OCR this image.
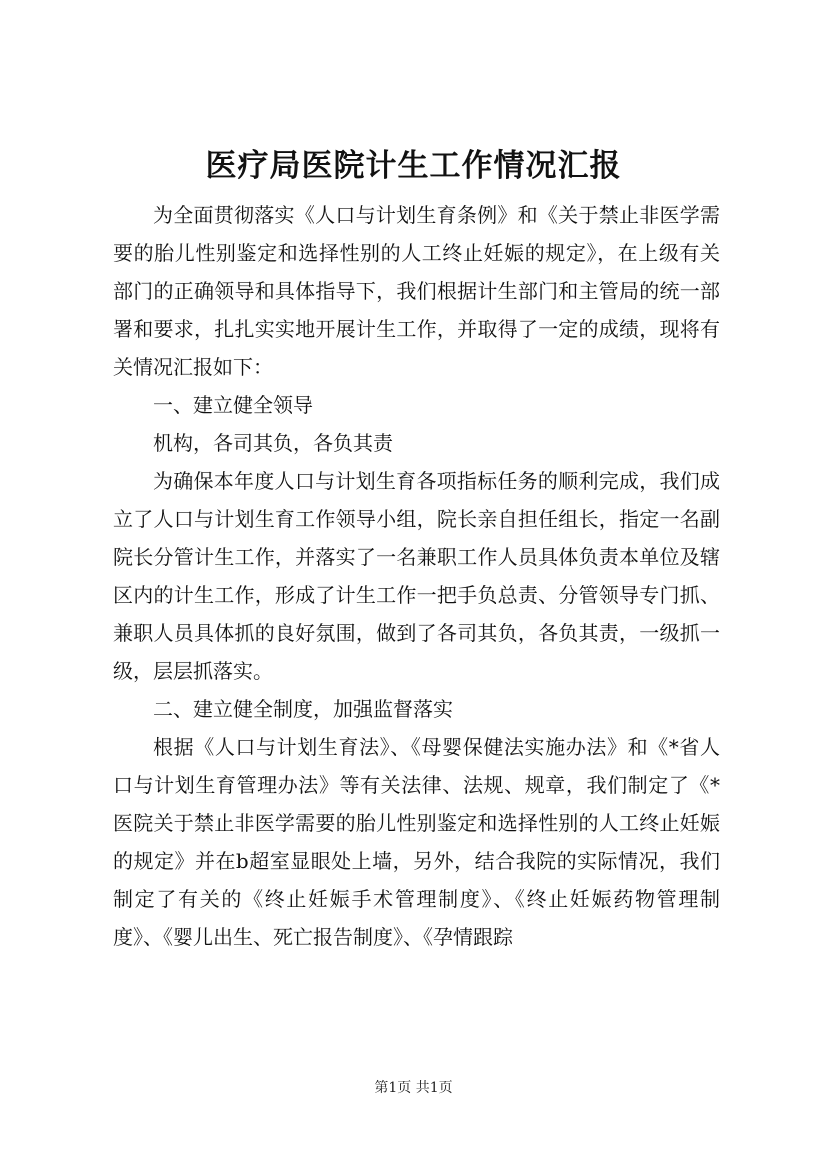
医疗局医院计生工作情况汇报

为全面贯彻落实《人口与计划生育条例》和《关于禁止非医学需要的胎儿性别鉴定和选择性别的人工终止妊娠的规定》，在上级有关部门的正确领导和具体指导下，我们根据计生部门和主管局的统一部署和要求，扎扎实实地开展计生工作，并取得了一定的成绩，现将有关情况汇报如下：

一、建立健全领导

机构，各司其负，各负其责

为确保本年度人口与计划生育各项指标任务的顺利完成，我们成立了人口与计划生育工作领导小组，院长亲自担任组长，指定一名副院长分管计生工作，并落实了一名兼职工作人员具体负责本单位及辖区内的计生工作，形成了计生工作一把手负总责、分管领导专门抓、兼职人员具体抓的良好氛围，做到了各司其负，各负其责，一级抓一级，层层抓落实。

二、建立健全制度，加强监督落实

根据《人口与计划生育法》、《母婴保健法实施办法》和《*省人口与计划生育管理办法》等有关法律、法规、规章，我们制定了《*医院关于禁止非医学需要的胎儿性别鉴定和选择性别的人工终止妊娠的规定》并在b超室显眼处上墙，另外，结合我院的实际情况，我们制定了有关的《终止妊娠手术管理制度》、《终止妊娠药物管理制度》、《婴儿出生、死亡报告制度》、《孕情跟踪

第1页 共1页
